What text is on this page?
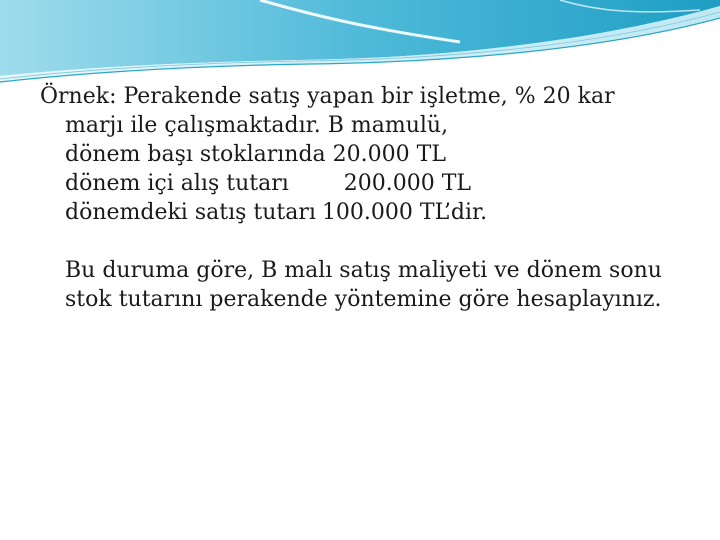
Örnek: Perakende satış yapan bir işletme, % 20 kar
marjı ile çalışmaktadır. B mamulü,
dönem başı stoklarında 20.000 TL
dönem içi alış tutarı	200.000 TL
dönemdeki satış tutarı 100.000 TL’dir.
Bu duruma göre, B malı satış maliyeti ve dönem sonu
stok tutarını perakende yöntemine göre hesaplayınız.
